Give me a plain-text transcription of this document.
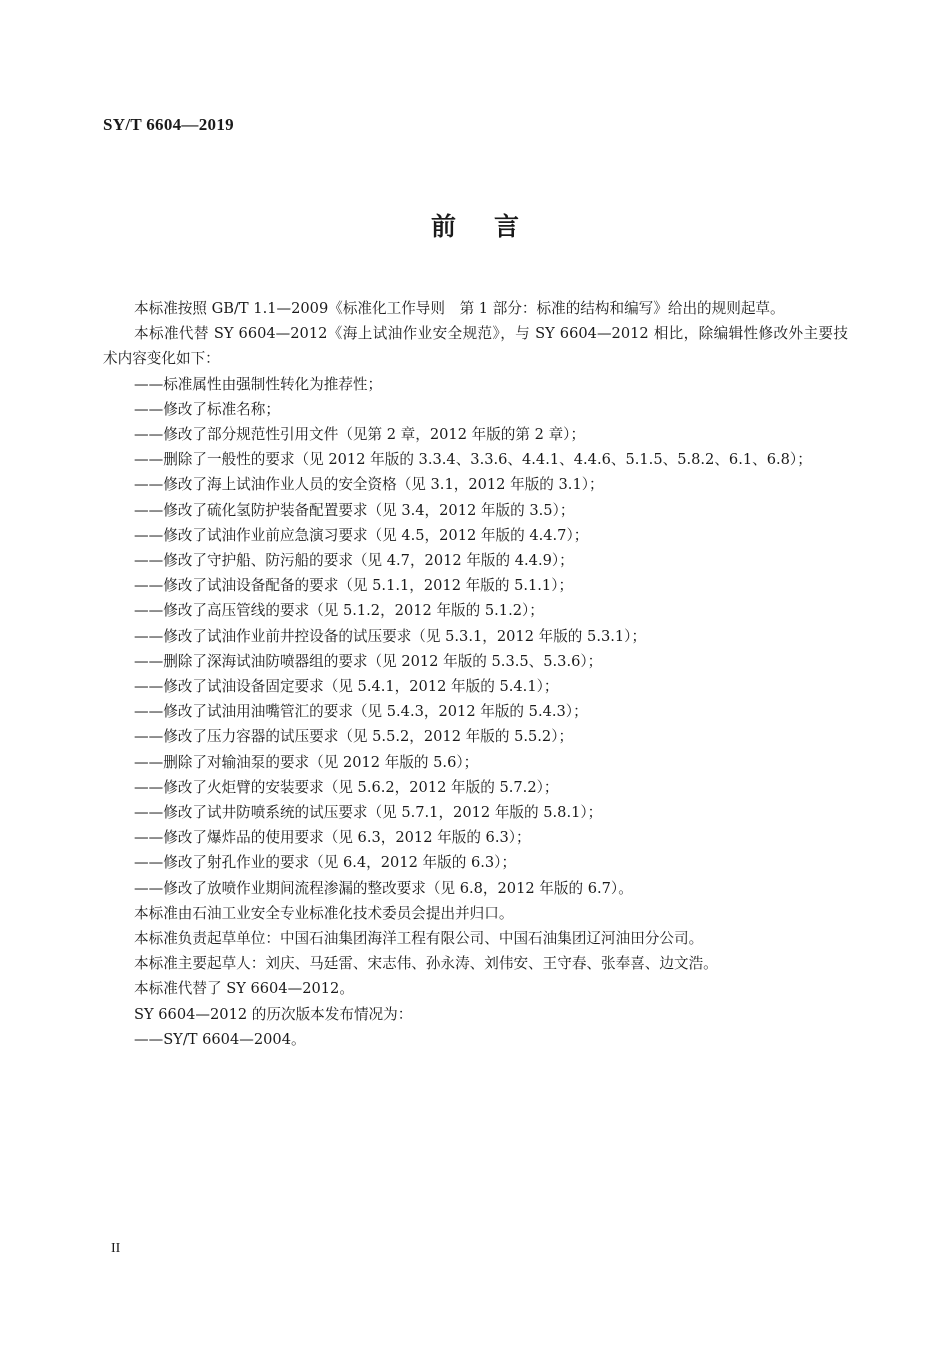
SY/T 6604—2019
前言

本标准按照 GB/T 1.1—2009《标准化工作导则　第 1 部分：标准的结构和编写》给出的规则起草。

本标准代替 SY 6604—2012《海上试油作业安全规范》，与 SY 6604—2012 相比，除编辑性修改外主要技术内容变化如下：

——标准属性由强制性转化为推荐性；

——修改了标准名称；

——修改了部分规范性引用文件（见第 2 章，2012 年版的第 2 章）；

——删除了一般性的要求（见 2012 年版的 3.3.4、3.3.6、4.4.1、4.4.6、5.1.5、5.8.2、6.1、6.8）；

——修改了海上试油作业人员的安全资格（见 3.1，2012 年版的 3.1）；

——修改了硫化氢防护装备配置要求（见 3.4，2012 年版的 3.5）；

——修改了试油作业前应急演习要求（见 4.5，2012 年版的 4.4.7）；

——修改了守护船、防污船的要求（见 4.7，2012 年版的 4.4.9）；

——修改了试油设备配备的要求（见 5.1.1，2012 年版的 5.1.1）；

——修改了高压管线的要求（见 5.1.2，2012 年版的 5.1.2）；

——修改了试油作业前井控设备的试压要求（见 5.3.1，2012 年版的 5.3.1）；

——删除了深海试油防喷器组的要求（见 2012 年版的 5.3.5、5.3.6）；

——修改了试油设备固定要求（见 5.4.1，2012 年版的 5.4.1）；

——修改了试油用油嘴管汇的要求（见 5.4.3，2012 年版的 5.4.3）；

——修改了压力容器的试压要求（见 5.5.2，2012 年版的 5.5.2）；

——删除了对输油泵的要求（见 2012 年版的 5.6）；

——修改了火炬臂的安装要求（见 5.6.2，2012 年版的 5.7.2）；

——修改了试井防喷系统的试压要求（见 5.7.1，2012 年版的 5.8.1）；

——修改了爆炸品的使用要求（见 6.3，2012 年版的 6.3）；

——修改了射孔作业的要求（见 6.4，2012 年版的 6.3）；

——修改了放喷作业期间流程渗漏的整改要求（见 6.8，2012 年版的 6.7）。

本标准由石油工业安全专业标准化技术委员会提出并归口。

本标准负责起草单位：中国石油集团海洋工程有限公司、中国石油集团辽河油田分公司。

本标准主要起草人：刘庆、马廷雷、宋志伟、孙永涛、刘伟安、王守春、张奉喜、边文浩。

本标准代替了 SY 6604—2012。

SY 6604—2012 的历次版本发布情况为：

——SY/T 6604—2004。

II
